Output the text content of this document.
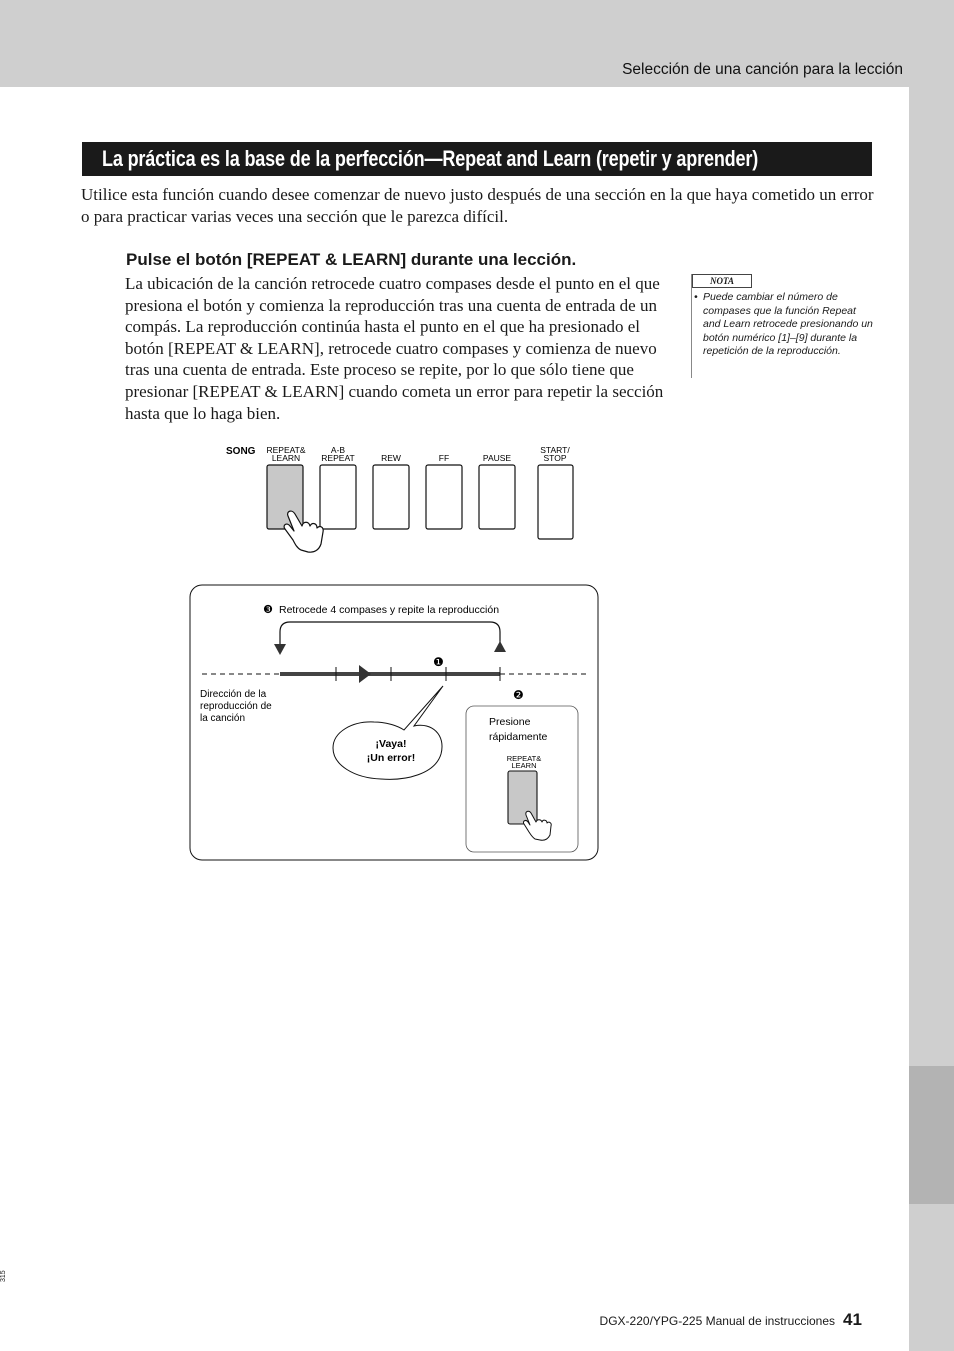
Selección de una canción para la lección
La práctica es la base de la perfección—Repeat and Learn (repetir y aprender)

Utilice esta función cuando desee comenzar de nuevo justo después de una sección en la que haya cometido un error o para practicar varias veces una sección que le parezca difícil.

Pulse el botón [REPEAT & LEARN] durante una lección.

La ubicación de la canción retrocede cuatro compases desde el punto en el que presiona el botón y comienza la reproducción tras una cuenta de entrada de un compás. La reproducción continúa hasta el punto en el que ha presionado el botón [REPEAT & LEARN], retrocede cuatro compases y comienza de nuevo tras una cuenta de entrada. Este proceso se repite, por lo que sólo tiene que presionar [REPEAT & LEARN] cuando cometa un error para repetir la sección hasta que lo haga bien.

NOTA
• Puede cambiar el número de compases que la función Repeat and Learn retrocede presionando un botón numérico [1]–[9] durante la repetición de la reproducción.

SONG REPEAT&
LEARN
A-B
REPEAT	REW	FF	PAUSE
START/
STOP
❸ Retrocede 4 compases y repite la reproducción
❶
❷
Dirección de la
reproducción de
la canción
¡Vaya!
¡Un error!
Presione
rápidamente
REPEAT&
LEARN
DGX-220/YPG-225 Manual de instrucciones 41
315
